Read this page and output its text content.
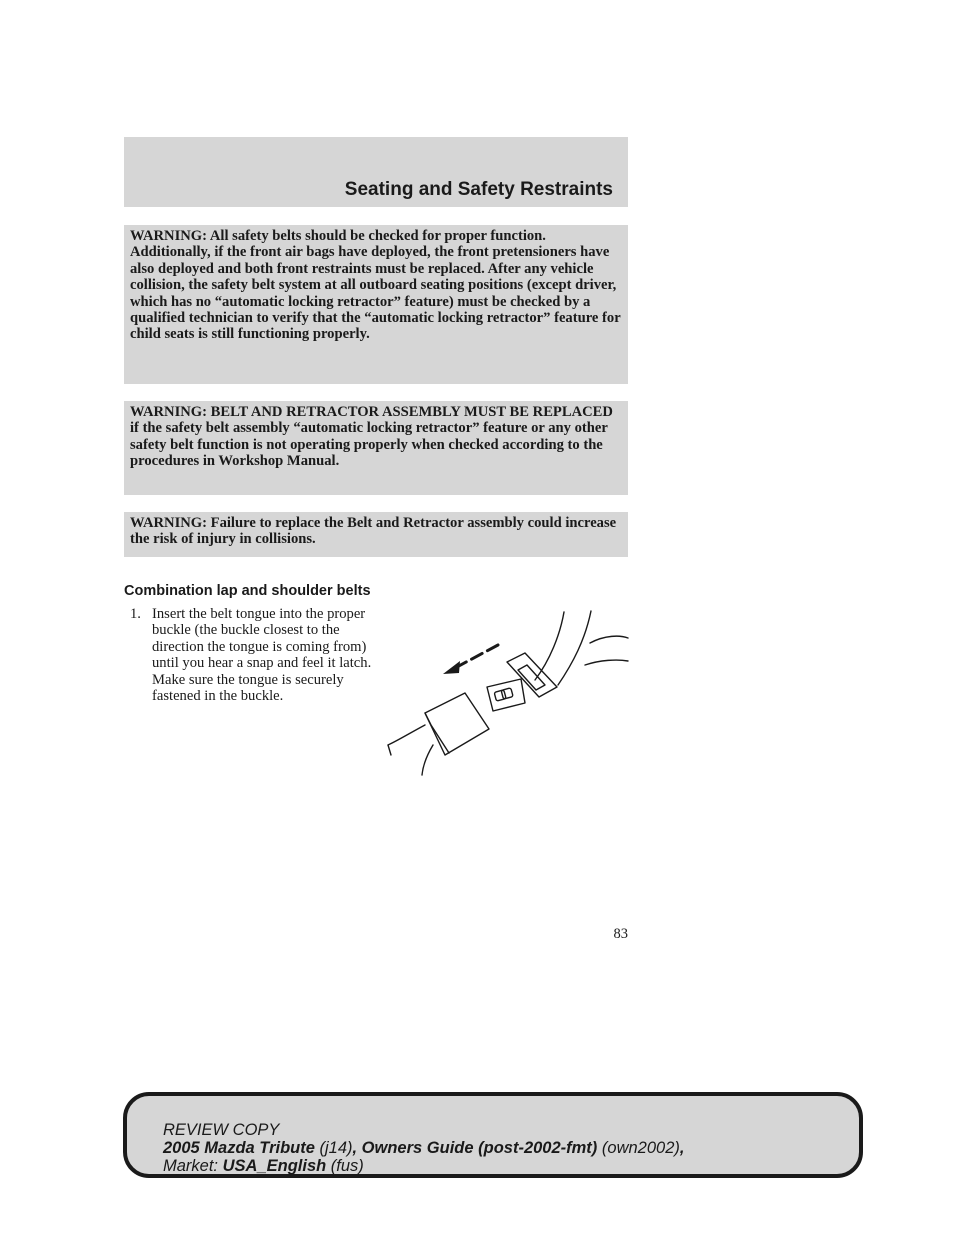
Seating and Safety Restraints

WARNING: All safety belts should be checked for proper function. Additionally, if the front air bags have deployed, the front pretensioners have also deployed and both front restraints must be replaced. After any vehicle collision, the safety belt system at all outboard seating positions (except driver, which has no “automatic locking retractor” feature) must be checked by a qualified technician to verify that the “automatic locking retractor” feature for child seats is still functioning properly.

WARNING: BELT AND RETRACTOR ASSEMBLY MUST BE REPLACED if the safety belt assembly “automatic locking retractor” feature or any other safety belt function is not operating properly when checked according to the procedures in Workshop Manual.

WARNING: Failure to replace the Belt and Retractor assembly could increase the risk of injury in collisions.

Combination lap and shoulder belts
1. Insert the belt tongue into the proper buckle (the buckle closest to the direction the tongue is coming from) until you hear a snap and feel it latch. Make sure the tongue is securely fastened in the buckle.
83
REVIEW COPY
2005 Mazda Tribute (j14), Owners Guide (post-2002-fmt) (own2002),
Market: USA_English (fus)
